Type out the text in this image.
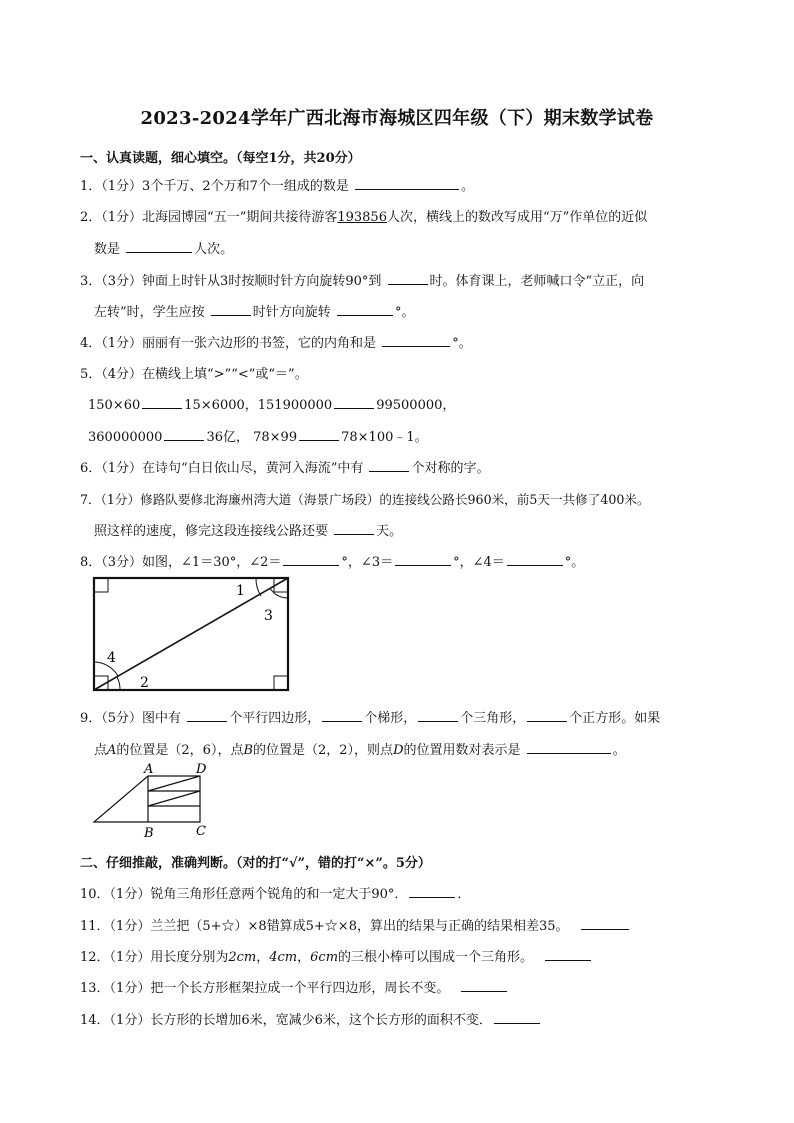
2023-2024学年广西北海市海城区四年级（下）期末数学试卷
一、认真读题，细心填空。（每空1分，共20分）
1．（1分）3个千万、2个万和7个一组成的数是	。
2．（1分）北海园博园“五一”期间共接待游客193856人次，横线上的数改写成用“万”作单位的近似
数是	人次。
3．（3分）钟面上时针从3时按顺时针方向旋转90°到	时。体育课上，老师喊口令“立正，向
左转”时，学生应按	时针方向旋转	°。
4．（1分）丽丽有一张六边形的书签，它的内角和是	°。
5．（4分）在横线上填“>”“<”或“＝”。
150×60	15×6000，151900000	99500000，
360000000	36亿， 78×99	78×100﹣1。
6．（1分）在诗句“白日依山尽，黄河入海流”中有	个对称的字。
7．（1分）修路队要修北海廉州湾大道（海景广场段）的连接线公路长960米，前5天一共修了400米。
照这样的速度，修完这段连接线公路还要	天。
8．（3分）如图，∠1＝30°，∠2＝	°，∠3＝	°，∠4＝	°。
1
2
3
4
9．（5分）图中有	个平行四边形，	个梯形，	个三角形，	个正方形。如果
点A的位置是（2，6），点B的位置是（2，2），则点D的位置用数对表示是	。
A	D
B	C
二、仔细推敲，准确判断。（对的打“√”，错的打“×”。5分）
10．（1分）锐角三角形任意两个锐角的和一定大于90°．	．
11．（1分）兰兰把（5+☆）×8错算成5+☆×8，算出的结果与正确的结果相差35。
12．（1分）用长度分别为2cm，4cm，6cm的三根小棒可以围成一个三角形。
13．（1分）把一个长方形框架拉成一个平行四边形，周长不变。
14．（1分）长方形的长增加6米，宽减少6米，这个长方形的面积不变．
